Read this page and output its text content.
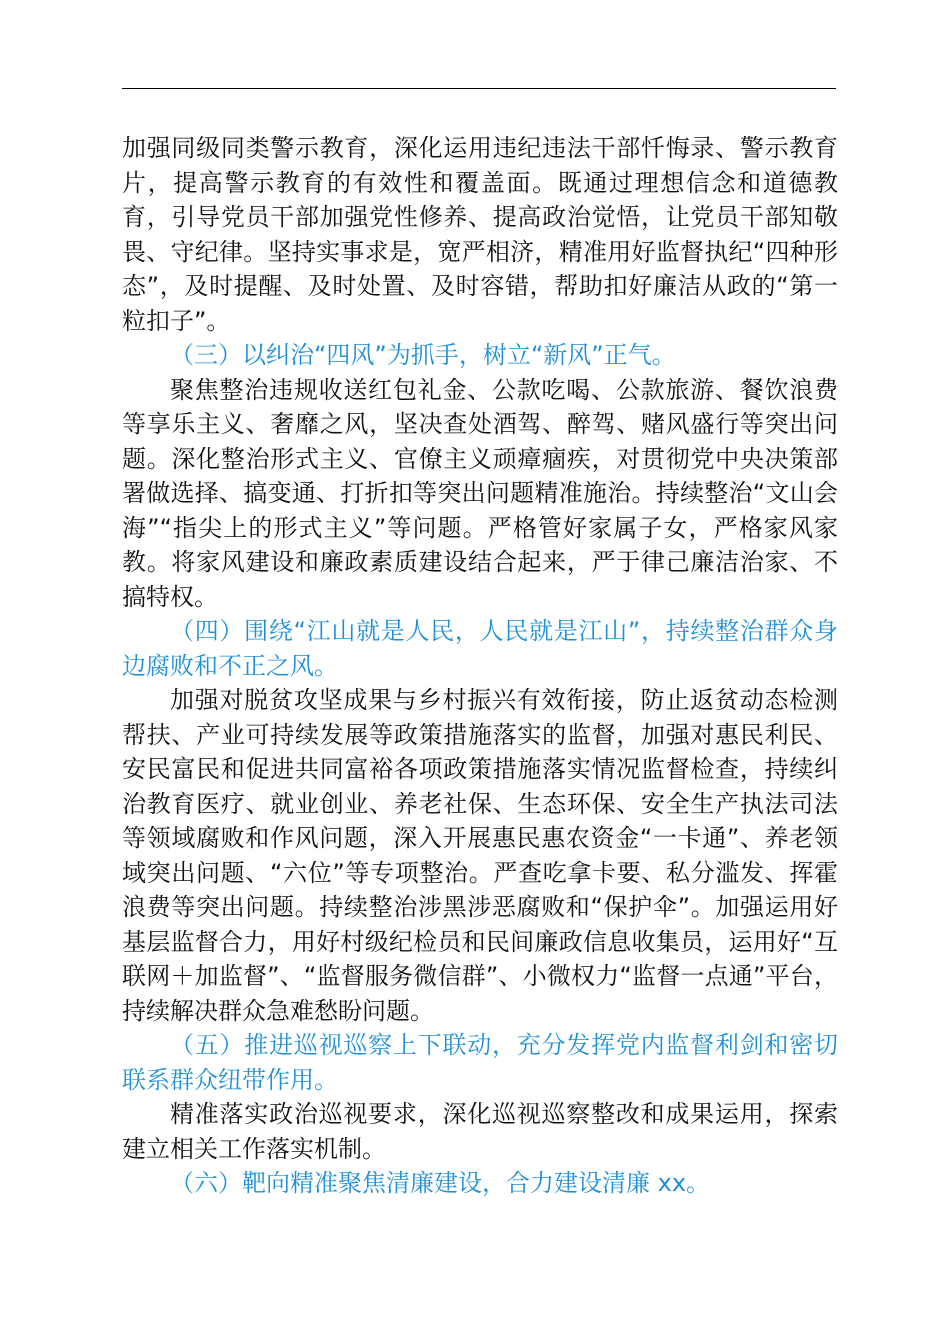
加强同级同类警示教育，深化运用违纪违法干部忏悔录、警示教育片，提高警示教育的有效性和覆盖面。既通过理想信念和道德教育，引导党员干部加强党性修养、提高政治觉悟，让党员干部知敬畏、守纪律。坚持实事求是，宽严相济，精准用好监督执纪“四种形态”，及时提醒、及时处置、及时容错，帮助扣好廉洁从政的“第一粒扣子”。

（三）以纠治“四风”为抓手，树立“新风”正气。

聚焦整治违规收送红包礼金、公款吃喝、公款旅游、餐饮浪费等享乐主义、奢靡之风，坚决查处酒驾、醉驾、赌风盛行等突出问题。深化整治形式主义、官僚主义顽瘴痼疾，对贯彻党中央决策部署做选择、搞变通、打折扣等突出问题精准施治。持续整治“文山会海”“指尖上的形式主义”等问题。严格管好家属子女，严格家风家教。将家风建设和廉政素质建设结合起来，严于律己廉洁治家、不搞特权。

（四）围绕“江山就是人民，人民就是江山”，持续整治群众身边腐败和不正之风。

加强对脱贫攻坚成果与乡村振兴有效衔接，防止返贫动态检测帮扶、产业可持续发展等政策措施落实的监督，加强对惠民利民、安民富民和促进共同富裕各项政策措施落实情况监督检查，持续纠治教育医疗、就业创业、养老社保、生态环保、安全生产执法司法等领域腐败和作风问题，深入开展惠民惠农资金“一卡通”、养老领域突出问题、“六位”等专项整治。严查吃拿卡要、私分滥发、挥霍浪费等突出问题。持续整治涉黑涉恶腐败和“保护伞”。加强运用好基层监督合力，用好村级纪检员和民间廉政信息收集员，运用好“互联网＋加监督”、“监督服务微信群”、小微权力“监督一点通”平台，持续解决群众急难愁盼问题。

（五）推进巡视巡察上下联动，充分发挥党内监督利剑和密切联系群众纽带作用。

精准落实政治巡视要求，深化巡视巡察整改和成果运用，探索建立相关工作落实机制。

（六）靶向精准聚焦清廉建设，合力建设清廉 xx。
